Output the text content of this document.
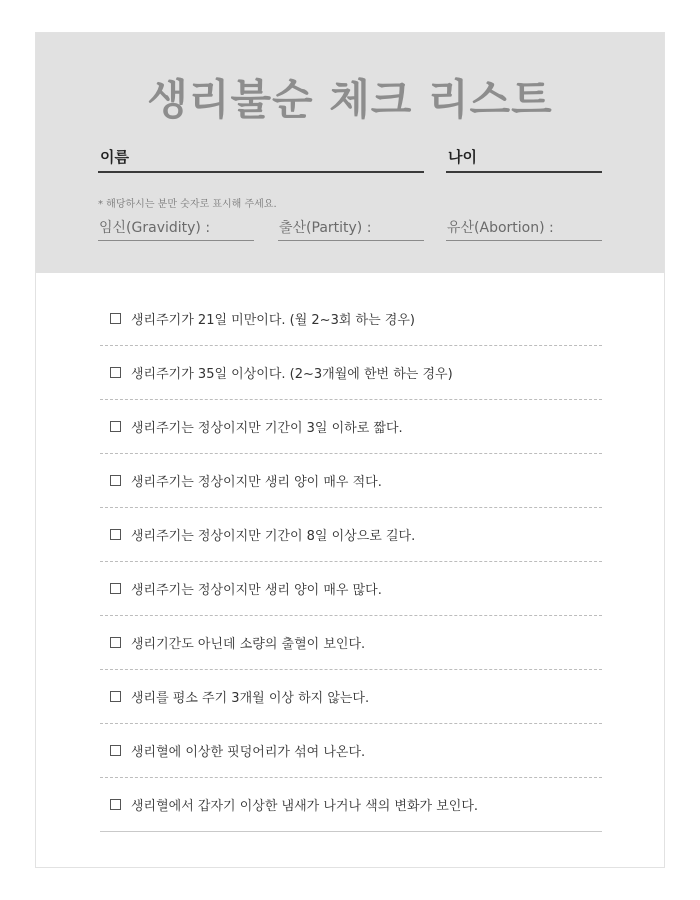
생리불순 체크 리스트
이름	나이
* 해당하시는 분만 숫자로 표시해 주세요.
임신(Gravidity) :	출산(Partity) :	유산(Abortion) :
생리주기가 21일 미만이다. (월 2~3회 하는 경우)
생리주기가 35일 이상이다. (2~3개월에 한번 하는 경우)
생리주기는 정상이지만 기간이 3일 이하로 짧다.
생리주기는 정상이지만 생리 양이 매우 적다.
생리주기는 정상이지만 기간이 8일 이상으로 길다.
생리주기는 정상이지만 생리 양이 매우 많다.
생리기간도 아닌데 소량의 출혈이 보인다.
생리를 평소 주기 3개월 이상 하지 않는다.
생리혈에 이상한 핏덩어리가 섞여 나온다.
생리혈에서 갑자기 이상한 냄새가 나거나 색의 변화가 보인다.
